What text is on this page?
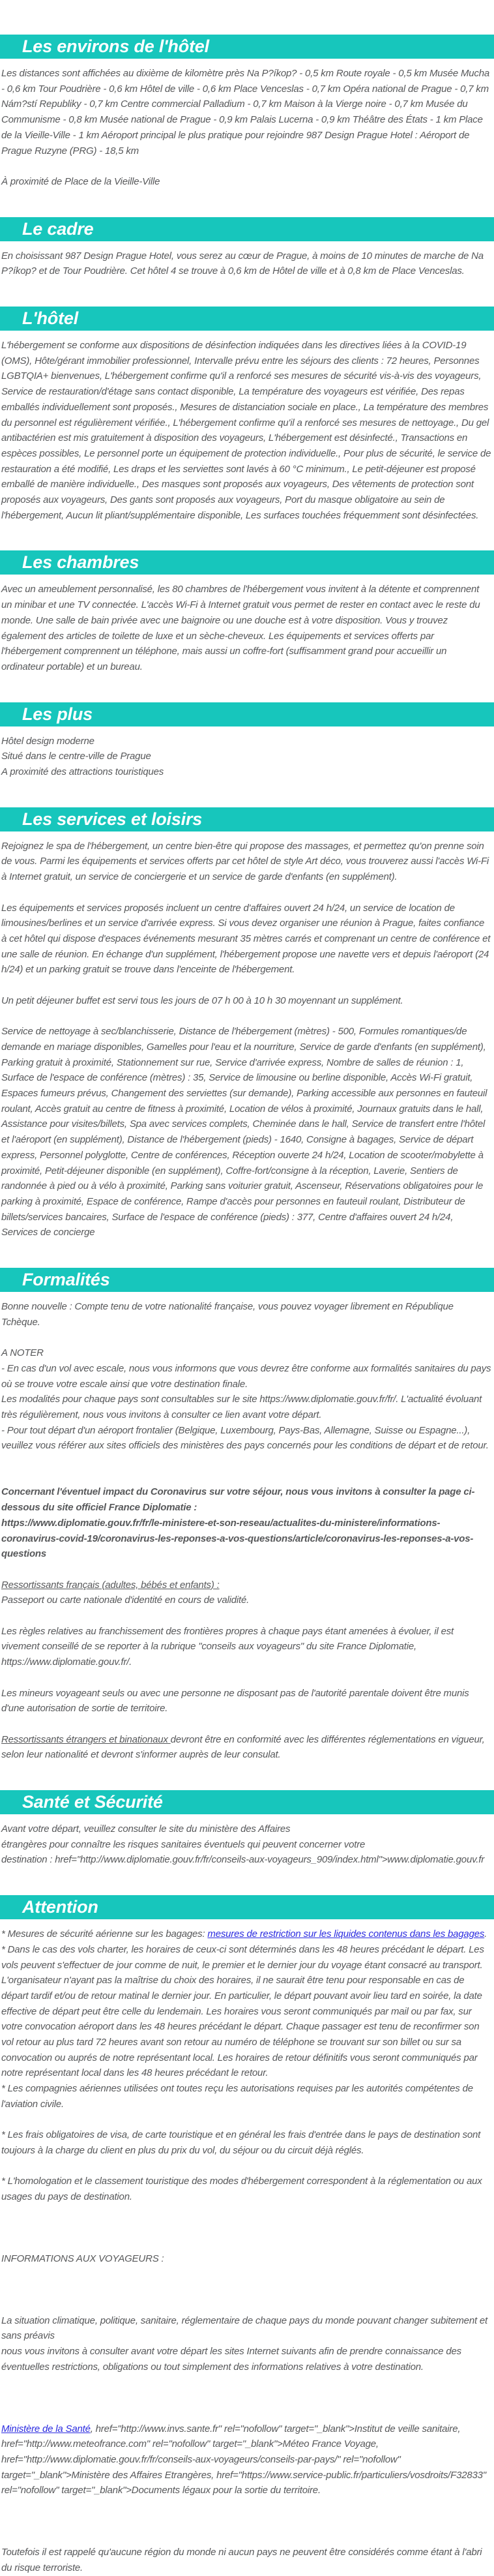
Les environs de l'hôtel
Les distances sont affichées au dixième de kilomètre près Na P?íkop? - 0,5 km Route royale - 0,5 km Musée Mucha - 0,6 km Tour Poudrière - 0,6 km Hôtel de ville - 0,6 km Place Venceslas - 0,7 km Opéra national de Prague - 0,7 km Nám?stí Republiky - 0,7 km Centre commercial Palladium - 0,7 km Maison à la Vierge noire - 0,7 km Musée du Communisme - 0,8 km Musée national de Prague - 0,9 km Palais Lucerna - 0,9 km Théâtre des États - 1 km Place de la Vieille-Ville - 1 km Aéroport principal le plus pratique pour rejoindre 987 Design Prague Hotel : Aéroport de Prague Ruzyne (PRG) - 18,5 km
À proximité de Place de la Vieille-Ville
Le cadre
En choisissant 987 Design Prague Hotel, vous serez au cœur de Prague, à moins de 10 minutes de marche de Na P?íkop? et de Tour Poudrière. Cet hôtel 4 se trouve à 0,6 km de Hôtel de ville et à 0,8 km de Place Venceslas.
L'hôtel
L'hébergement se conforme aux dispositions de désinfection indiquées dans les directives liées à la COVID-19 (OMS), Hôte/gérant immobilier professionnel, Intervalle prévu entre les séjours des clients : 72 heures, Personnes LGBTQIA+ bienvenues, L'hébergement confirme qu'il a renforcé ses mesures de sécurité vis-à-vis des voyageurs, Service de restauration/d'étage sans contact disponible, La température des voyageurs est vérifiée, Des repas emballés individuellement sont proposés., Mesures de distanciation sociale en place., La température des membres du personnel est régulièrement vérifiée., L'hébergement confirme qu'il a renforcé ses mesures de nettoyage., Du gel antibactérien est mis gratuitement à disposition des voyageurs, L'hébergement est désinfecté., Transactions en espèces possibles, Le personnel porte un équipement de protection individuelle., Pour plus de sécurité, le service de restauration a été modifié, Les draps et les serviettes sont lavés à 60 °C minimum., Le petit-déjeuner est proposé emballé de manière individuelle., Des masques sont proposés aux voyageurs, Des vêtements de protection sont proposés aux voyageurs, Des gants sont proposés aux voyageurs, Port du masque obligatoire au sein de l'hébergement, Aucun lit pliant/supplémentaire disponible, Les surfaces touchées fréquemment sont désinfectées.
Les chambres
Avec un ameublement personnalisé, les 80 chambres de l'hébergement vous invitent à la détente et comprennent un minibar et une TV connectée. L'accès Wi-Fi à Internet gratuit vous permet de rester en contact avec le reste du monde. Une salle de bain privée avec une baignoire ou une douche est à votre disposition. Vous y trouvez également des articles de toilette de luxe et un sèche-cheveux. Les équipements et services offerts par l'hébergement comprennent un téléphone, mais aussi un coffre-fort (suffisamment grand pour accueillir un ordinateur portable) et un bureau.
Les plus
Hôtel design moderne
Situé dans le centre-ville de Prague
A proximité des attractions touristiques
Les services et loisirs
Rejoignez le spa de l'hébergement, un centre bien-être qui propose des massages, et permettez qu'on prenne soin de vous. Parmi les équipements et services offerts par cet hôtel de style Art déco, vous trouverez aussi l'accès Wi-Fi à Internet gratuit, un service de conciergerie et un service de garde d'enfants (en supplément).
Les équipements et services proposés incluent un centre d'affaires ouvert 24 h/24, un service de location de limousines/berlines et un service d'arrivée express. Si vous devez organiser une réunion à Prague, faites confiance à cet hôtel qui dispose d'espaces événements mesurant 35 mètres carrés et comprenant un centre de conférence et une salle de réunion. En échange d'un supplément, l'hébergement propose une navette vers et depuis l'aéroport (24 h/24) et un parking gratuit se trouve dans l'enceinte de l'hébergement.
Un petit déjeuner buffet est servi tous les jours de 07 h 00 à 10 h 30 moyennant un supplément.
Service de nettoyage à sec/blanchisserie, Distance de l'hébergement (mètres) - 500, Formules romantiques/de demande en mariage disponibles, Gamelles pour l'eau et la nourriture, Service de garde d'enfants (en supplément), Parking gratuit à proximité, Stationnement sur rue, Service d'arrivée express, Nombre de salles de réunion : 1, Surface de l'espace de conférence (mètres) : 35, Service de limousine ou berline disponible, Accès Wi-Fi gratuit, Espaces fumeurs prévus, Changement des serviettes (sur demande), Parking accessible aux personnes en fauteuil roulant, Accès gratuit au centre de fitness à proximité, Location de vélos à proximité, Journaux gratuits dans le hall, Assistance pour visites/billets, Spa avec services complets, Cheminée dans le hall, Service de transfert entre l'hôtel et l'aéroport (en supplément), Distance de l'hébergement (pieds) - 1640, Consigne à bagages, Service de départ express, Personnel polyglotte, Centre de conférences, Réception ouverte 24 h/24, Location de scooter/mobylette à proximité, Petit-déjeuner disponible (en supplément), Coffre-fort/consigne à la réception, Laverie, Sentiers de randonnée à pied ou à vélo à proximité, Parking sans voiturier gratuit, Ascenseur, Réservations obligatoires pour le parking à proximité, Espace de conférence, Rampe d'accès pour personnes en fauteuil roulant, Distributeur de billets/services bancaires, Surface de l'espace de conférence (pieds) : 377, Centre d'affaires ouvert 24 h/24, Services de concierge
Formalités
Bonne nouvelle : Compte tenu de votre nationalité française, vous pouvez voyager librement en République Tchèque.
A NOTER
- En cas d'un vol avec escale, nous vous informons que vous devrez être conforme aux formalités sanitaires du pays où se trouve votre escale ainsi que votre destination finale.
Les modalités pour chaque pays sont consultables sur le site https://www.diplomatie.gouv.fr/fr/. L'actualité évoluant très régulièrement, nous vous invitons à consulter ce lien avant votre départ.
- Pour tout départ d'un aéroport frontalier (Belgique, Luxembourg, Pays-Bas, Allemagne, Suisse ou Espagne...), veuillez vous référer aux sites officiels des ministères des pays concernés pour les conditions de départ et de retour.
Concernant l'éventuel impact du Coronavirus sur votre séjour, nous vous invitons à consulter la page ci-dessous du site officiel France Diplomatie :
https://www.diplomatie.gouv.fr/fr/le-ministere-et-son-reseau/actualites-du-ministere/informations-coronavirus-covid-19/coronavirus-les-reponses-a-vos-questions/article/coronavirus-les-reponses-a-vos-questions
Ressortissants français (adultes, bébés et enfants) :
Passeport ou carte nationale d'identité en cours de validité.
Les règles relatives au franchissement des frontières propres à chaque pays étant amenées à évoluer, il est vivement conseillé de se reporter à la rubrique "conseils aux voyageurs" du site France Diplomatie, https://www.diplomatie.gouv.fr/.
Les mineurs voyageant seuls ou avec une personne ne disposant pas de l'autorité parentale doivent être munis d'une autorisation de sortie de territoire.
Ressortissants étrangers et binationaux devront être en conformité avec les différentes réglementations en vigueur, selon leur nationalité et devront s'informer auprès de leur consulat.
Santé et Sécurité
Avant votre départ, veuillez consulter le site du ministère des Affaires
étrangères pour connaître les risques sanitaires éventuels qui peuvent concerner votre
destination : href="http://www.diplomatie.gouv.fr/fr/conseils-aux-voyageurs_909/index.html">www.diplomatie.gouv.fr
Attention
* Mesures de sécurité aérienne sur les bagages: mesures de restriction sur les liquides contenus dans les bagages.
* Dans le cas des vols charter, les horaires de ceux-ci sont déterminés dans les 48 heures précédant le départ. Les vols peuvent s'effectuer de jour comme de nuit, le premier et le dernier jour du voyage étant consacré au transport. L'organisateur n'ayant pas la maîtrise du choix des horaires, il ne saurait être tenu pour responsable en cas de départ tardif et/ou de retour matinal le dernier jour. En particulier, le départ pouvant avoir lieu tard en soirée, la date effective de départ peut être celle du lendemain. Les horaires vous seront communiqués par mail ou par fax, sur votre convocation aéroport dans les 48 heures précédant le départ. Chaque passager est tenu de reconfirmer son vol retour au plus tard 72 heures avant son retour au numéro de téléphone se trouvant sur son billet ou sur sa convocation ou auprés de notre représentant local. Les horaires de retour définitifs vous seront communiqués par notre représentant local dans les 48 heures précédant le retour.
* Les compagnies aériennes utilisées ont toutes reçu les autorisations requises par les autorités compétentes de l'aviation civile.
* Les frais obligatoires de visa, de carte touristique et en général les frais d'entrée dans le pays de destination sont toujours à la charge du client en plus du prix du vol, du séjour ou du circuit déjà réglés.
* L'homologation et le classement touristique des modes d'hébergement correspondent à la réglementation ou aux usages du pays de destination.
INFORMATIONS AUX VOYAGEURS :
La situation climatique, politique, sanitaire, réglementaire de chaque pays du monde pouvant changer subitement et sans préavis
nous vous invitons à consulter avant votre départ les sites Internet suivants afin de prendre connaissance des éventuelles restrictions, obligations ou tout simplement des informations relatives à votre destination.
Ministère de la Santé, href="http://www.invs.sante.fr" rel="nofollow" target="_blank">Institut de veille sanitaire, href="http://www.meteofrance.com" rel="nofollow" target="_blank">Méteo France Voyage, href="http://www.diplomatie.gouv.fr/fr/conseils-aux-voyageurs/conseils-par-pays/" rel="nofollow" target="_blank">Ministère des Affaires Etrangères, href="https://www.service-public.fr/particuliers/vosdroits/F32833" rel="nofollow" target="_blank">Documents légaux pour la sortie du territoire.
Toutefois il est rappelé qu'aucune région du monde ni aucun pays ne peuvent être considérés comme étant à l'abri du risque terroriste.
